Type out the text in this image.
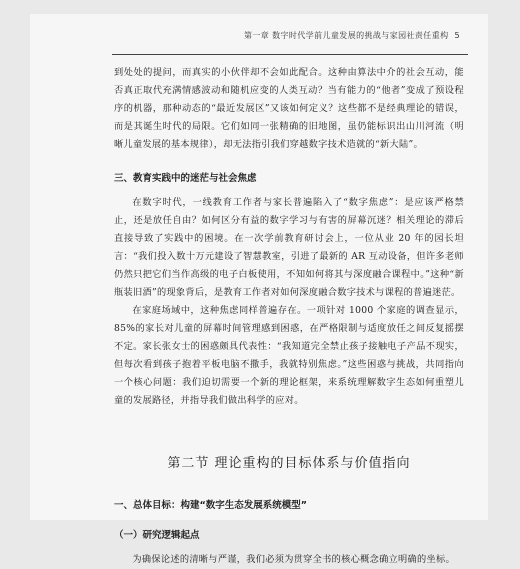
第一章 数字时代学前儿童发展的挑战与家园社责任重构 5

到处处的提问，而真实的小伙伴却不会如此配合。这种由算法中介的社会互动，能否真正取代充满情感波动和随机应变的人类互动？当有能力的“他者”变成了预设程序的机器，那种动态的“最近发展区”又该如何定义？这些都不是经典理论的错误，而是其诞生时代的局限。它们如同一张精确的旧地图，虽仍能标识出山川河流（明晰儿童发展的基本规律），却无法指引我们穿越数字技术造就的“新大陆”。

三、教育实践中的迷茫与社会焦虑

在数字时代，一线教育工作者与家长普遍陷入了“数字焦虑”：是应该严格禁止，还是放任自由？如何区分有益的数字学习与有害的屏幕沉迷？相关理论的滞后直接导致了实践中的困境。在一次学前教育研讨会上，一位从业 20 年的园长坦言：“我们投入数十万元建设了智慧教室，引进了最新的 AR 互动设备，但许多老师仍然只把它们当作高级的电子白板使用，不知如何将其与深度融合课程中。”这种“新瓶装旧酒”的现象背后，是教育工作者对如何深度融合数字技术与课程的普遍迷茫。

在家庭场域中，这种焦虑同样普遍存在。一项针对 1000 个家庭的调查显示，85%的家长对儿童的屏幕时间管理感到困惑，在严格限制与适度放任之间反复摇摆不定。家长张女士的困惑颇具代表性：“我知道完全禁止孩子接触电子产品不现实，但每次看到孩子抱着平板电脑不撒手，我就特别焦虑。”这些困惑与挑战，共同指向一个核心问题：我们迫切需要一个新的理论框架，来系统理解数字生态如何重塑儿童的发展路径，并指导我们做出科学的应对。

第二节 理论重构的目标体系与价值指向
一、总体目标：构建“数字生态发展系统模型”
（一）研究逻辑起点

为确保论述的清晰与严谨，我们必须为贯穿全书的核心概念确立明确的坐标。
